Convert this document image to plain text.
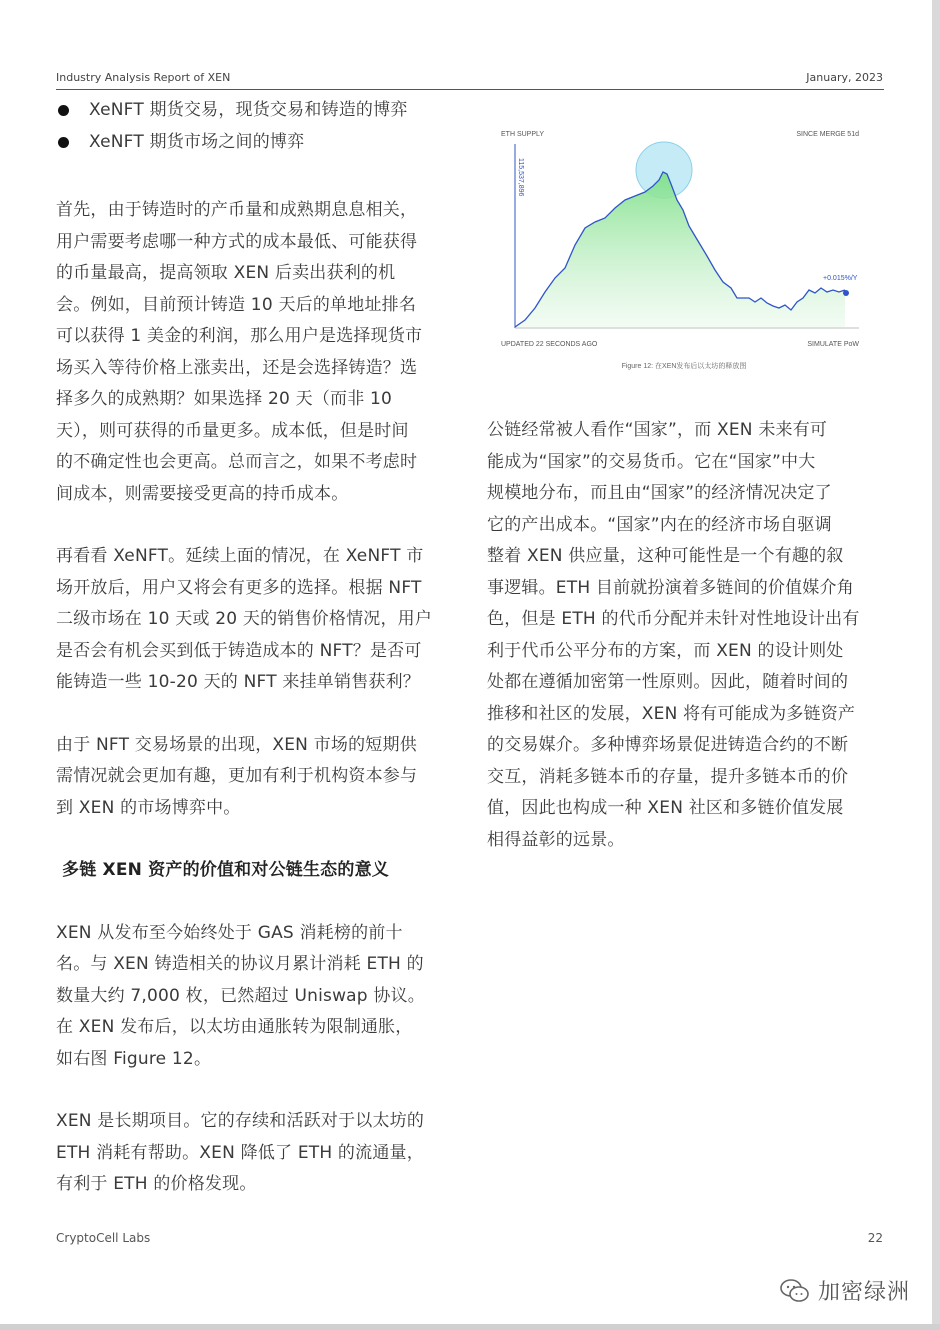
Industry Analysis Report of XEN	January, 2023
XeNFT 期货交易，现货交易和铸造的博弈
XeNFT 期货市场之间的博弈

首先，由于铸造时的产币量和成熟期息息相关，
用户需要考虑哪一种方式的成本最低、可能获得
的币量最高，提高领取 XEN 后卖出获利的机
会。例如，目前预计铸造 10 天后的单地址排名
可以获得 1 美金的利润，那么用户是选择现货市
场买入等待价格上涨卖出，还是会选择铸造？选
择多久的成熟期？如果选择 20 天（而非 10
天），则可获得的币量更多。成本低，但是时间
的不确定性也会更高。总而言之，如果不考虑时
间成本，则需要接受更高的持币成本。

再看看 XeNFT。延续上面的情况，在 XeNFT 市
场开放后，用户又将会有更多的选择。根据 NFT
二级市场在 10 天或 20 天的销售价格情况，用户
是否会有机会买到低于铸造成本的 NFT？是否可
能铸造一些 10-20 天的 NFT 来挂单销售获利？

由于 NFT 交易场景的出现，XEN 市场的短期供
需情况就会更加有趣，更加有利于机构资本参与
到 XEN 的市场博弈中。

多链 XEN 资产的价值和对公链生态的意义

XEN 从发布至今始终处于 GAS 消耗榜的前十
名。与 XEN 铸造相关的协议月累计消耗 ETH 的
数量大约 7,000 枚，已然超过 Uniswap 协议。
在 XEN 发布后，以太坊由通胀转为限制通胀，
如右图 Figure 12。

XEN 是长期项目。它的存续和活跃对于以太坊的
ETH 消耗有帮助。XEN 降低了 ETH 的流通量，
有利于 ETH 的价格发现。

ETH SUPPLY	SINCE MERGE 51d
115,537,896
+0.015%/Y
UPDATED 22 SECONDS AGO	SIMULATE PoW
Figure 12: 在XEN发布后以太坊的释放图

公链经常被人看作“国家”，而 XEN 未来有可
能成为“国家”的交易货币。它在“国家”中大
规模地分布，而且由“国家”的经济情况决定了
它的产出成本。“国家”内在的经济市场自驱调
整着 XEN 供应量，这种可能性是一个有趣的叙
事逻辑。ETH 目前就扮演着多链间的价值媒介角
色，但是 ETH 的代币分配并未针对性地设计出有
利于代币公平分布的方案，而 XEN 的设计则处
处都在遵循加密第一性原则。因此，随着时间的
推移和社区的发展，XEN 将有可能成为多链资产
的交易媒介。多种博弈场景促进铸造合约的不断
交互，消耗多链本币的存量，提升多链本币的价
值，因此也构成一种 XEN 社区和多链价值发展
相得益彰的远景。

CryptoCell Labs	22
加密绿洲
